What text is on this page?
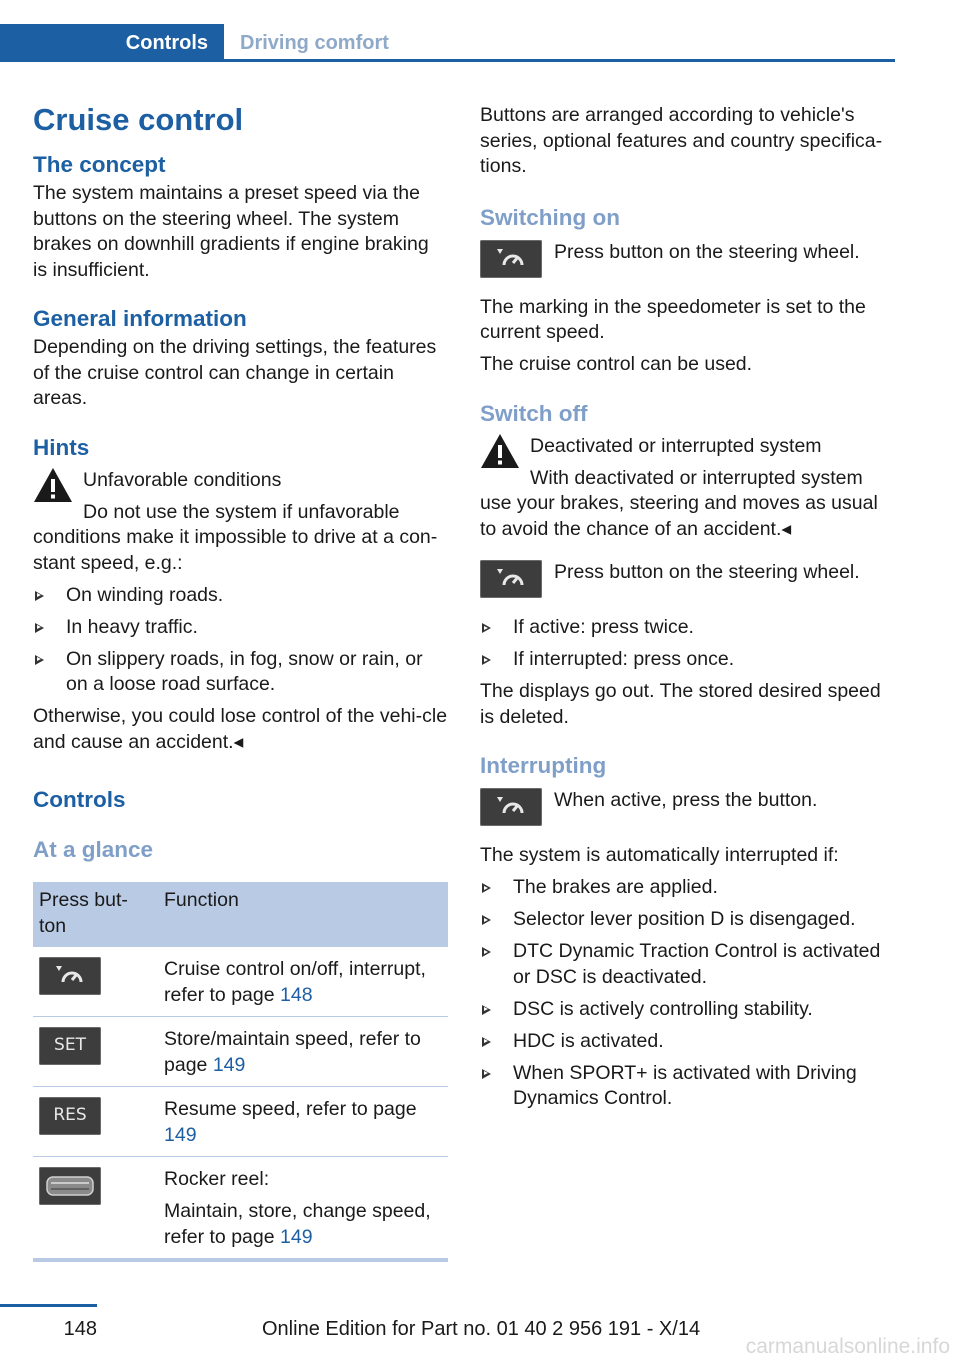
Controls	Driving comfort
Cruise control
The concept

The system maintains a preset speed via the buttons on the steering wheel. The system brakes on downhill gradients if engine braking is insufficient.

General information

Depending on the driving settings, the features of the cruise control can change in certain areas.

Hints

Unfavorable conditions

Do not use the system if unfavorable

conditions make it impossible to drive at a con-stant speed, e.g.:

On winding roads.
In heavy traffic.
On slippery roads, in fog, snow or rain, or on a loose road surface.

Otherwise, you could lose control of the vehi-cle and cause an accident.◂

Controls
At a glance
Press but-ton	Function

	Cruise control on/off, interrupt, refer to page 148

SET	Store/maintain speed, refer to page 149

RES	Resume speed, refer to page 149

Rocker reel:

Maintain, store, change speed, refer to page 149

Buttons are arranged according to vehicle's series, optional features and country specifica-tions.

Switching on

Press button on the steering wheel.

The marking in the speedometer is set to the current speed.

The cruise control can be used.

Switch off

Deactivated or interrupted system

With deactivated or interrupted system

use your brakes, steering and moves as usual to avoid the chance of an accident.◂

Press button on the steering wheel.

If active: press twice.
If interrupted: press once.

The displays go out. The stored desired speed is deleted.

Interrupting

When active, press the button.

The system is automatically interrupted if:

The brakes are applied.
Selector lever position D is disengaged.
DTC Dynamic Traction Control is activated or DSC is deactivated.
DSC is actively controlling stability.
HDC is activated.
When SPORT+ is activated with Driving Dynamics Control.
148	Online Edition for Part no. 01 40 2 956 191 - X/14
carmanualsonline.info
